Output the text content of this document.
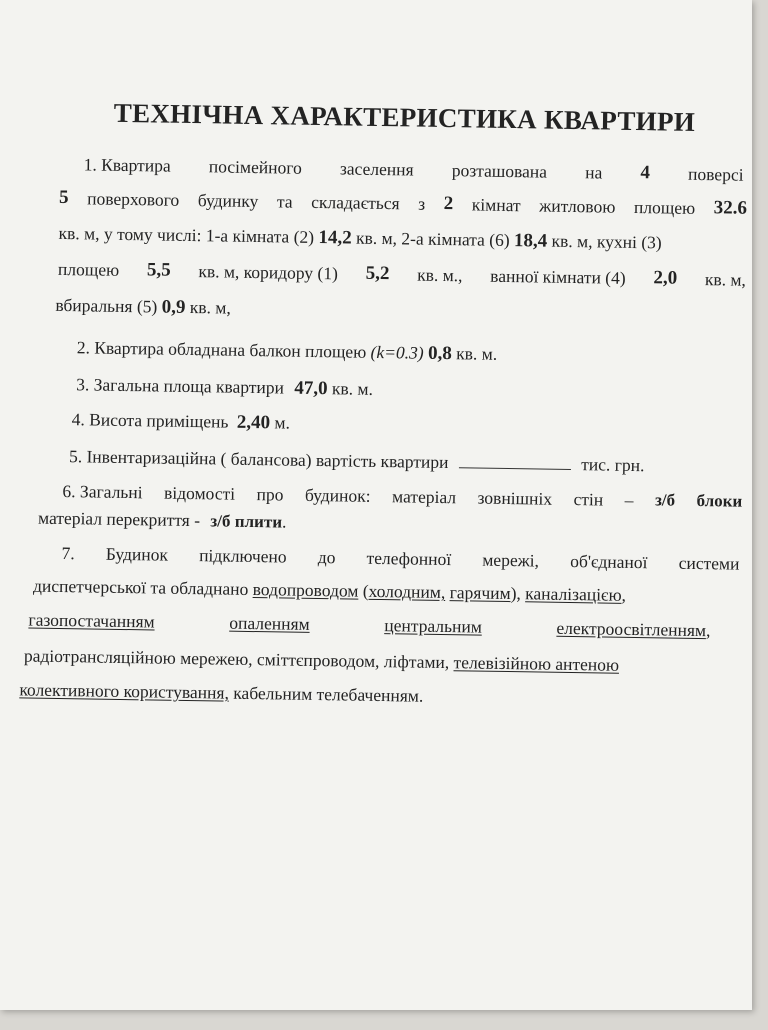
ТЕХНІЧНА ХАРАКТЕРИСТИКА КВАРТИРИ
1. Квартира посімейного заселення розташована на 4 поверсі
5 поверхового будинку та складається з 2 кімнат житловою площею 32.6
кв. м, у тому числі: 1-а кімната (2) 14,2 кв. м, 2-а кімната (6) 18,4 кв. м, кухні (3)
площею 5,5 кв. м, коридору (1) 5,2 кв. м., ванної кімнати (4) 2,0 кв. м,
вбиральня (5) 0,9 кв. м,
2. Квартира обладнана балкон площею (k=0.3) 0,8 кв. м.
3. Загальна площа квартири 47,0 кв. м.
4. Висота приміщень 2,40 м.
5. Інвентаризаційна ( балансова) вартість квартири	тис. грн.
6. Загальні відомості про будинок: матеріал зовнішніх стін – з/б блоки
матеріал перекриття - з/б плити.
7. Будинок підключено до телефонної мережі, об'єднаної системи
диспетчерської та обладнано водопроводом (холодним, гарячим), каналізацією,
газопостачанням	опаленням	центральним	електроосвітленням,
радіотрансляційною мережею, сміттєпроводом, ліфтами, телевізійною антеною
колективного користування, кабельним телебаченням.
